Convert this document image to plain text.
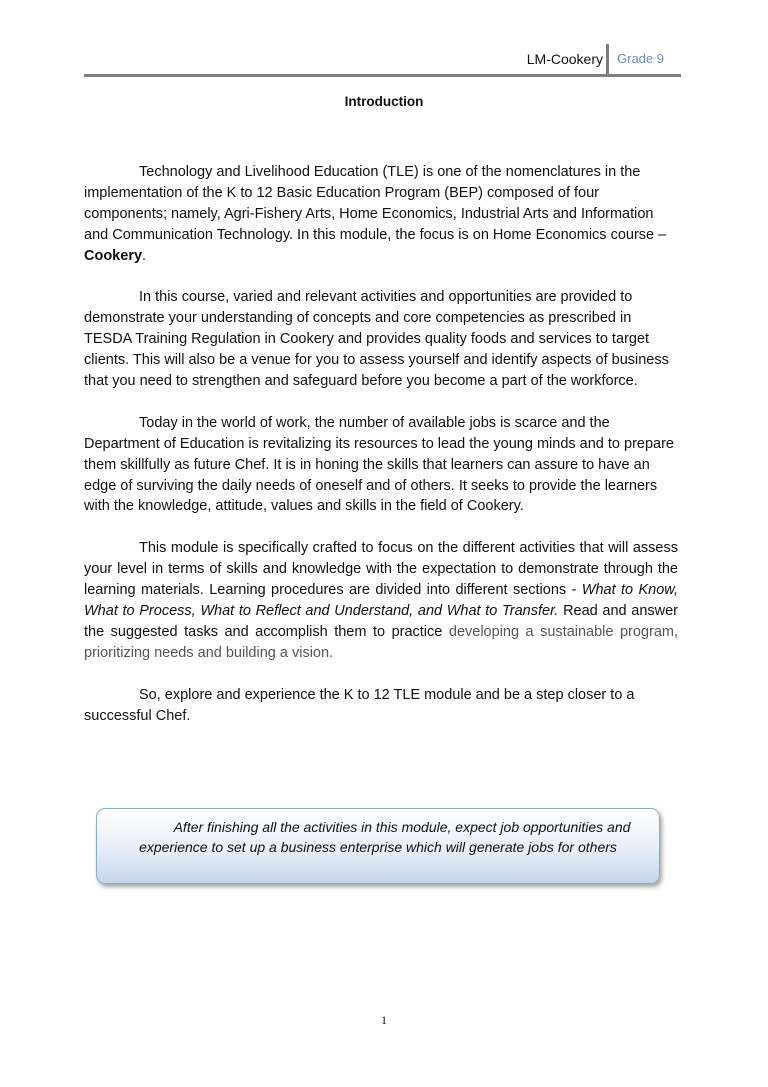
LM-Cookery Grade 9
Introduction

Technology and Livelihood Education (TLE) is one of the nomenclatures in the implementation of the K to 12 Basic Education Program (BEP) composed of four components; namely, Agri-Fishery Arts, Home Economics, Industrial Arts and Information and Communication Technology. In this module, the focus is on Home Economics course – Cookery.

In this course, varied and relevant activities and opportunities are provided to demonstrate your understanding of concepts and core competencies as prescribed in TESDA Training Regulation in Cookery and provides quality foods and services to target clients. This will also be a venue for you to assess yourself and identify aspects of business that you need to strengthen and safeguard before you become a part of the workforce.

Today in the world of work, the number of available jobs is scarce and the Department of Education is revitalizing its resources to lead the young minds and to prepare them skillfully as future Chef. It is in honing the skills that learners can assure to have an edge of surviving the daily needs of oneself and of others. It seeks to provide the learners with the knowledge, attitude, values and skills in the field of Cookery.

This module is specifically crafted to focus on the different activities that will assess your level in terms of skills and knowledge with the expectation to demonstrate through the learning materials. Learning procedures are divided into different sections - What to Know, What to Process, What to Reflect and Understand, and What to Transfer. Read and answer the suggested tasks and accomplish them to practice developing a sustainable program, prioritizing needs and building a vision.

So, explore and experience the K to 12 TLE module and be a step closer to a successful Chef.

After finishing all the activities in this module, expect job opportunities and experience to set up a business enterprise which will generate jobs for others
1
